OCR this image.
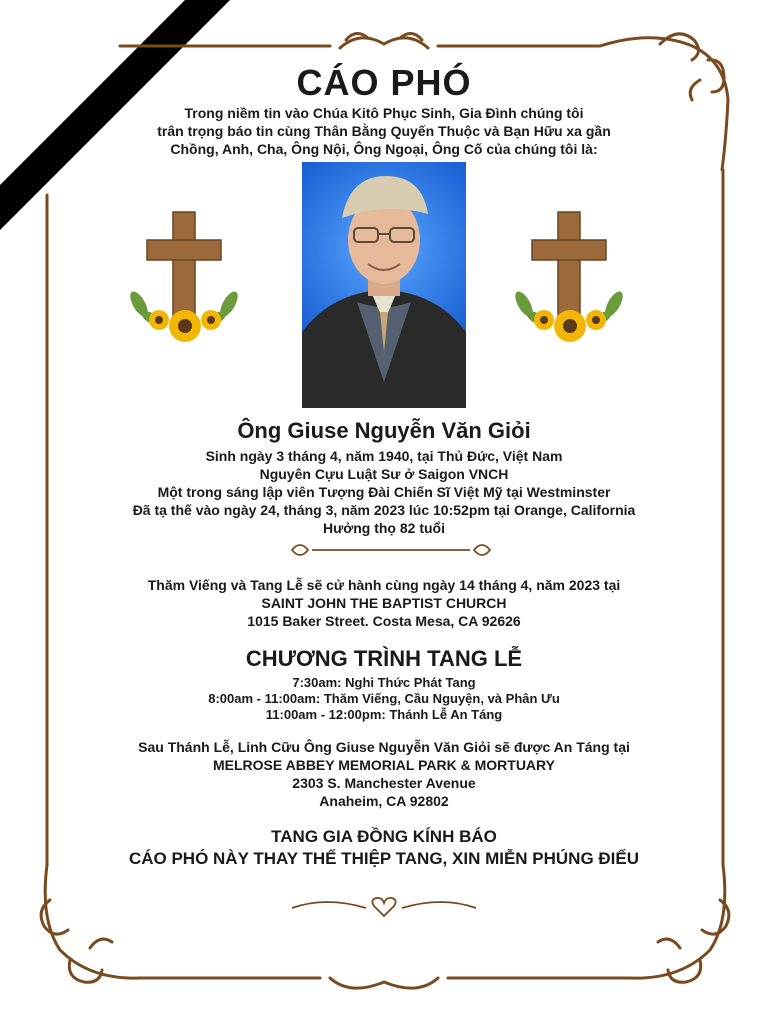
CÁO PHÓ
Trong niềm tin vào Chúa Kitô Phục Sinh, Gia Đình chúng tôi
trân trọng báo tin cùng Thân Bằng Quyến Thuộc và Bạn Hữu xa gần
Chồng, Anh, Cha, Ông Nội, Ông Ngoại, Ông Cố của chúng tôi là:
Ông Giuse Nguyễn Văn Giỏi
Sinh ngày 3 tháng 4, năm 1940, tại Thủ Đức, Việt Nam
Nguyên Cựu Luật Sư ở Saigon VNCH
Một trong sáng lập viên Tượng Đài Chiến Sĩ Việt Mỹ tại Westminster
Đã tạ thế vào ngày 24, tháng 3, năm 2023 lúc 10:52pm tại Orange, California
Hưởng thọ 82 tuổi
Thăm Viếng và Tang Lễ sẽ cử hành cùng ngày 14 tháng 4, năm 2023 tại
SAINT JOHN THE BAPTIST CHURCH
1015 Baker Street. Costa Mesa, CA 92626
CHƯƠNG TRÌNH TANG LỄ
7:30am: Nghi Thức Phát Tang
8:00am - 11:00am: Thăm Viếng, Cầu Nguyện, và Phân Ưu
11:00am - 12:00pm: Thánh Lễ An Táng
Sau Thánh Lễ, Linh Cữu Ông Giuse Nguyễn Văn Giỏi sẽ được An Táng tại
MELROSE ABBEY MEMORIAL PARK & MORTUARY
2303 S. Manchester Avenue
Anaheim, CA 92802
TANG GIA ĐỒNG KÍNH BÁO
CÁO PHÓ NÀY THAY THẾ THIỆP TANG, XIN MIỄN PHÚNG ĐIẾU
